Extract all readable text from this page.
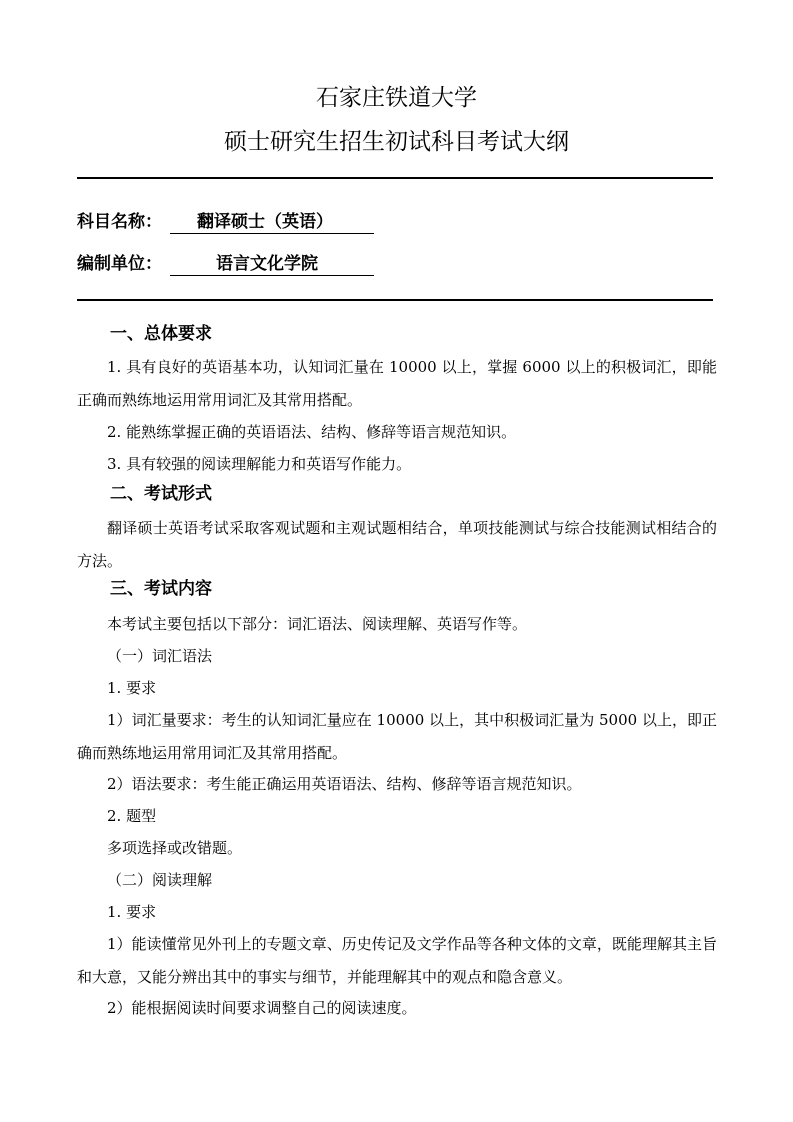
石家庄铁道大学
硕士研究生招生初试科目考试大纲
科目名称： 翻译硕士（英语）
编制单位：	语言文化学院
一、总体要求

1. 具有良好的英语基本功，认知词汇量在 10000 以上，掌握 6000 以上的积极词汇，即能正确而熟练地运用常用词汇及其常用搭配。

2. 能熟练掌握正确的英语语法、结构、修辞等语言规范知识。
3. 具有较强的阅读理解能力和英语写作能力。
二、考试形式

翻译硕士英语考试采取客观试题和主观试题相结合，单项技能测试与综合技能测试相结合的方法。

三、考试内容
本考试主要包括以下部分：词汇语法、阅读理解、英语写作等。
（一）词汇语法
1. 要求

1）词汇量要求：考生的认知词汇量应在 10000 以上，其中积极词汇量为 5000 以上，即正确而熟练地运用常用词汇及其常用搭配。

2）语法要求：考生能正确运用英语语法、结构、修辞等语言规范知识。
2. 题型
多项选择或改错题。
（二）阅读理解
1. 要求

1）能读懂常见外刊上的专题文章、历史传记及文学作品等各种文体的文章，既能理解其主旨和大意，又能分辨出其中的事实与细节，并能理解其中的观点和隐含意义。

2）能根据阅读时间要求调整自己的阅读速度。
